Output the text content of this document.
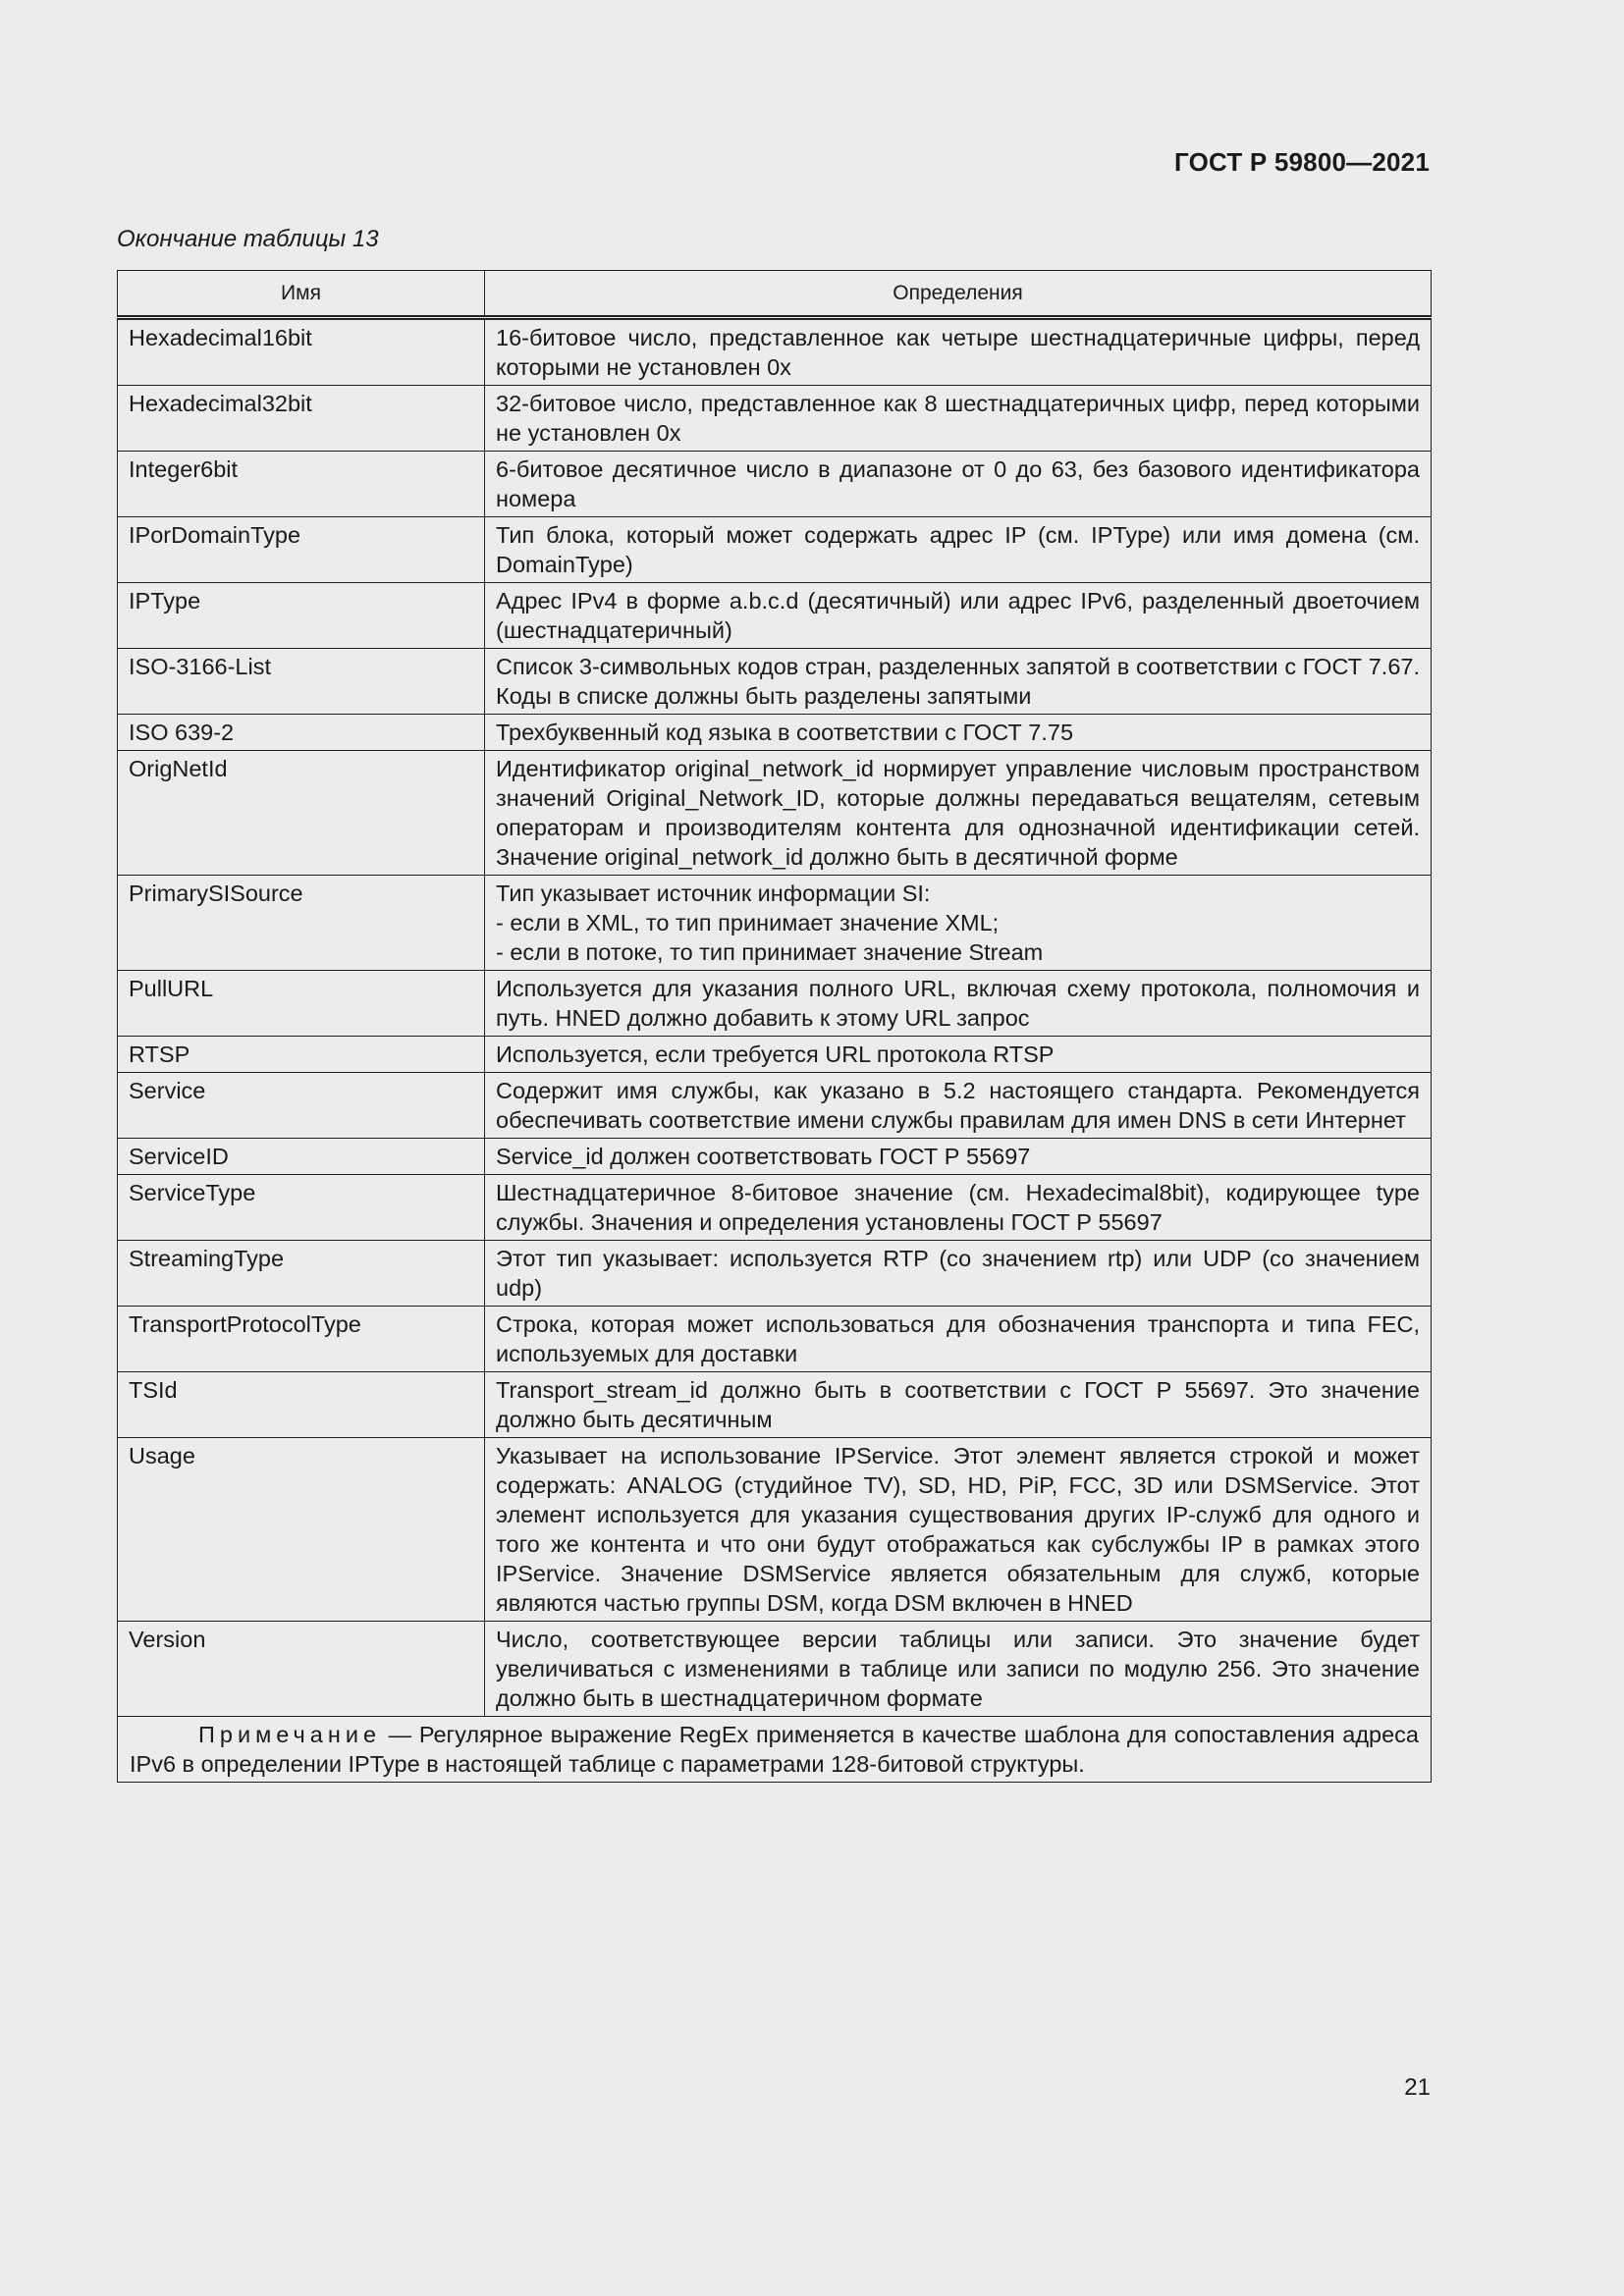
ГОСТ Р 59800—2021
Окончание таблицы 13
Имя	Определения
Hexadecimal16bit	16-битовое число, представленное как четыре шестнадцатеричные цифры, перед которыми не установлен 0x
Hexadecimal32bit	32-битовое число, представленное как 8 шестнадцатеричных цифр, перед которыми не установлен 0x
Integer6bit	6-битовое десятичное число в диапазоне от 0 до 63, без базового идентификатора номера
IPorDomainType	Тип блока, который может содержать адрес IP (см. IPType) или имя домена (см. DomainType)
IPType	Адрес IPv4 в форме a.b.c.d (десятичный) или адрес IPv6, разделенный двоеточием (шестнадцатеричный)
ISO-3166-List	Список 3-символьных кодов стран, разделенных запятой в соответствии с ГОСТ 7.67. Коды в списке должны быть разделены запятыми
ISO 639-2	Трехбуквенный код языка в соответствии с ГОСТ 7.75
OrigNetId	Идентификатор original_network_id нормирует управление числовым пространством значений Original_Network_ID, которые должны передаваться вещателям, сетевым операторам и производителям контента для однозначной идентификации сетей. Значение original_network_id должно быть в десятичной форме
PrimarySISource	Тип указывает источник информации SI:
- если в XML, то тип принимает значение XML;
- если в потоке, то тип принимает значение Stream
PullURL	Используется для указания полного URL, включая схему протокола, полномочия и путь. HNED должно добавить к этому URL запрос
RTSP	Используется, если требуется URL протокола RTSP
Service	Содержит имя службы, как указано в 5.2 настоящего стандарта. Рекомендуется обеспечивать соответствие имени службы правилам для имен DNS в сети Интернет
ServiceID	Service_id должен соответствовать ГОСТ Р 55697
ServiceType	Шестнадцатеричное 8-битовое значение (см. Hexadecimal8bit), кодирующее type службы. Значения и определения установлены ГОСТ Р 55697
StreamingType	Этот тип указывает: используется RTP (со значением rtp) или UDP (со значением udp)
TransportProtocolType	Строка, которая может использоваться для обозначения транспорта и типа FEC, используемых для доставки
TSId	Transport_stream_id должно быть в соответствии с ГОСТ Р 55697. Это значение должно быть десятичным
Usage	Указывает на использование IPService. Этот элемент является строкой и может содержать: ANALOG (студийное TV), SD, HD, PiP, FCC, 3D или DSMService. Этот элемент используется для указания существования других IP-служб для одного и того же контента и что они будут отображаться как субслужбы IP в рамках этого IPService. Значение DSMService является обязательным для служб, которые являются частью группы DSM, когда DSM включен в HNED
Version	Число, соответствующее версии таблицы или записи. Это значение будет увеличиваться с изменениями в таблице или записи по модулю 256. Это значение должно быть в шестнадцатеричном формате
Примечание — Регулярное выражение RegEx применяется в качестве шаблона для сопоставления адреса IPv6 в определении IPType в настоящей таблице с параметрами 128-битовой структуры.	
21
